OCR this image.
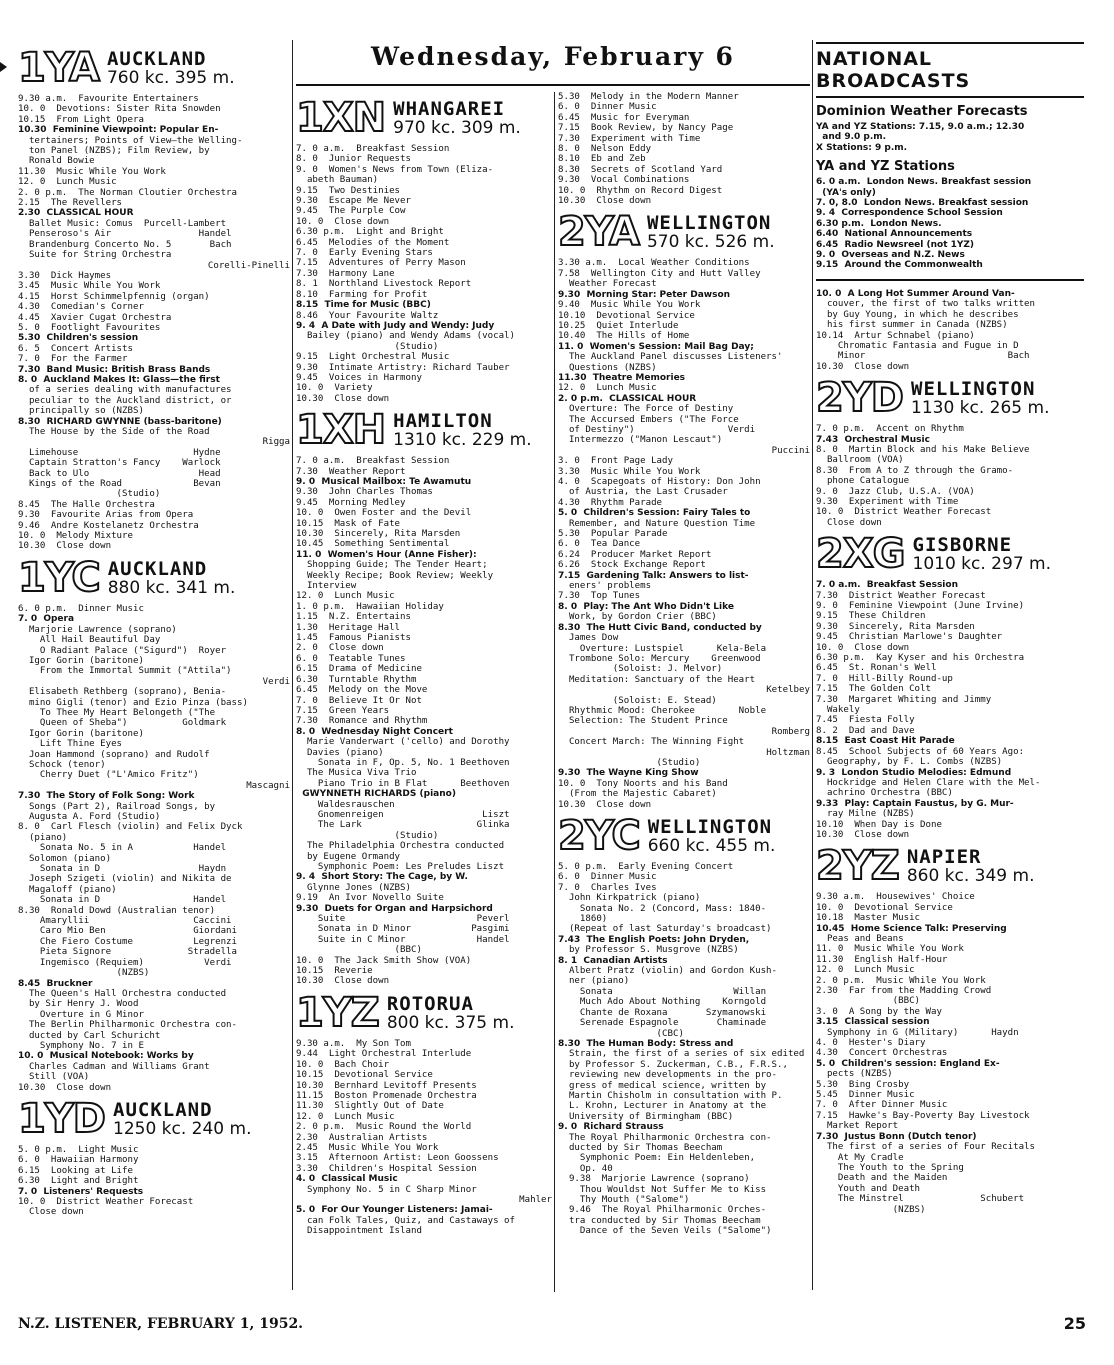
Wednesday, February 6
1YA AUCKLAND
760 kc. 395 m.
9.30 a.m.  Favourite Entertainers
10. 0  Devotions: Sister Rita Snowden
10.15  From Light Opera
10.30  Feminine Viewpoint: Popular En-
tertainers; Points of View—the Welling-
ton Panel (NZBS); Film Review, by
Ronald Bowie
11.30  Music While You Work
12. 0  Lunch Music
2. 0 p.m.  The Norman Cloutier Orchestra
2.15  The Revellers
2.30  CLASSICAL HOUR
Ballet Music: Comus  Purcell-Lambert
Penseroso's Air                Handel
Brandenburg Concerto No. 5       Bach
Suite for String Orchestra
Corelli-Pinelli
3.30  Dick Haymes
3.45  Music While You Work
4.15  Horst Schimmelpfennig (organ)
4.30  Comedian's Corner
4.45  Xavier Cugat Orchestra
5. 0  Footlight Favourites
5.30  Children's session
6. 5  Concert Artists
7. 0  For the Farmer
7.30  Band Music: British Brass Bands
8. 0  Auckland Makes It: Glass—the first
of a series dealing with manufactures
peculiar to the Auckland district, or
principally so (NZBS)
8.30  RICHARD GWYNNE (bass-baritone)
The House by the Side of the Road
Rigga
Limehouse                     Hydne
Captain Stratton's Fancy    Warlock
Back to Ulo                    Head
Kings of the Road             Bevan
(Studio)
8.45  The Halle Orchestra
9.30  Favourite Arias from Opera
9.46  Andre Kostelanetz Orchestra
10. 0  Melody Mixture
10.30  Close down
1YC AUCKLAND
880 kc. 341 m.
6. 0 p.m.  Dinner Music
7. 0  Opera
Marjorie Lawrence (soprano)
All Hail Beautiful Day
O Radiant Palace ("Sigurd")  Royer
Igor Gorin (baritone)
From the Immortal Summit ("Attila")
Verdi
Elisabeth Rethberg (soprano), Benia-
mino Gigli (tenor) and Ezio Pinza (bass)
To Thee My Heart Belongeth ("The
Queen of Sheba")          Goldmark
Igor Gorin (baritone)
Lift Thine Eyes
Joan Hammond (soprano) and Rudolf
Schock (tenor)
Cherry Duet ("L'Amico Fritz")
Mascagni
7.30  The Story of Folk Song: Work
Songs (Part 2), Railroad Songs, by
Augusta A. Ford (Studio)
8. 0  Carl Flesch (violin) and Felix Dyck
(piano)
Sonata No. 5 in A           Handel
Solomon (piano)
Sonata in D                  Haydn
Joseph Szigeti (violin) and Nikita de
Magaloff (piano)
Sonata in D                 Handel
8.30  Ronald Dowd (Australian tenor)
Amaryllii                   Caccini
Caro Mio Ben                Giordani
Che Fiero Costume           Legrenzi
Pieta Signore              Stradella
Ingemisco (Requiem)           Verdi
(NZBS)
8.45  Bruckner
The Queen's Hall Orchestra conducted
by Sir Henry J. Wood
Overture in G Minor
The Berlin Philharmonic Orchestra con-
ducted by Carl Schuricht
Symphony No. 7 in E
10. 0  Musical Notebook: Works by
Charles Cadman and Williams Grant
Still (VOA)
10.30  Close down
1YD AUCKLAND
1250 kc. 240 m.
5. 0 p.m.  Light Music
6. 0  Hawaiian Harmony
6.15  Looking at Life
6.30  Light and Bright
7. 0  Listeners' Requests
10. 0  District Weather Forecast
Close down
1XN WHANGAREI
970 kc. 309 m.
7. 0 a.m.  Breakfast Session
8. 0  Junior Requests
9. 0  Women's News from Town (Eliza-
abeth Bauman)
9.15  Two Destinies
9.30  Escape Me Never
9.45  The Purple Cow
10. 0  Close down
6.30 p.m.  Light and Bright
6.45  Melodies of the Moment
7. 0  Early Evening Stars
7.15  Adventures of Perry Mason
7.30  Harmony Lane
8. 1  Northland Livestock Report
8.10  Farming for Profit
8.15  Time for Music (BBC)
8.46  Your Favourite Waltz
9. 4  A Date with Judy and Wendy: Judy
Bailey (piano) and Wendy Adams (vocal)
(Studio)
9.15  Light Orchestral Music
9.30  Intimate Artistry: Richard Tauber
9.45  Voices in Harmony
10. 0  Variety
10.30  Close down
1XH HAMILTON
1310 kc. 229 m.
7. 0 a.m.  Breakfast Session
7.30  Weather Report
9. 0  Musical Mailbox: Te Awamutu
9.30  John Charles Thomas
9.45  Morning Medley
10. 0  Owen Foster and the Devil
10.15  Mask of Fate
10.30  Sincerely, Rita Marsden
10.45  Something Sentimental
11. 0  Women's Hour (Anne Fisher):
Shopping Guide; The Tender Heart;
Weekly Recipe; Book Review; Weekly
Interview
12. 0  Lunch Music
1. 0 p.m.  Hawaiian Holiday
1.15  N.Z. Entertains
1.30  Heritage Hall
1.45  Famous Pianists
2. 0  Close down
6. 0  Teatable Tunes
6.15  Drama of Medicine
6.30  Turntable Rhythm
6.45  Melody on the Move
7. 0  Believe It Or Not
7.15  Green Years
7.30  Romance and Rhythm
8. 0  Wednesday Night Concert
Marie Vanderwart ('cello) and Dorothy
Davies (piano)
Sonata in F, Op. 5, No. 1 Beethoven
The Musica Viva Trio
Piano Trio in B Flat      Beethoven
GWYNNETH RICHARDS (piano)
Waldesrauschen
Gnomenreigen                  Liszt
The Lark                     Glinka
(Studio)
The Philadelphia Orchestra conducted
by Eugene Ormandy
Symphonic Poem: Les Preludes Liszt
9. 4  Short Story: The Cage, by W.
Glynne Jones (NZBS)
9.19  An Ivor Novello Suite
9.30  Duets for Organ and Harpsichord
Suite                        Peverl
Sonata in D Minor           Pasgimi
Suite in C Minor             Handel
(BBC)
10. 0  The Jack Smith Show (VOA)
10.15  Reverie
10.30  Close down
1YZ ROTORUA
800 kc. 375 m.
9.30 a.m.  My Son Tom
9.44  Light Orchestral Interlude
10. 0  Bach Choir
10.15  Devotional Service
10.30  Bernhard Levitoff Presents
11.15  Boston Promenade Orchestra
11.30  Slightly Out of Date
12. 0  Lunch Music
2. 0 p.m.  Music Round the World
2.30  Australian Artists
2.45  Music While You Work
3.15  Afternoon Artist: Leon Goossens
3.30  Children's Hospital Session
4. 0  Classical Music
Symphony No. 5 in C Sharp Minor
Mahler
5. 0  For Our Younger Listeners: Jamai-
can Folk Tales, Quiz, and Castaways of
Disappointment Island
5.30  Melody in the Modern Manner
6. 0  Dinner Music
6.45  Music for Everyman
7.15  Book Review, by Nancy Page
7.30  Experiment with Time
8. 0  Nelson Eddy
8.10  Eb and Zeb
8.30  Secrets of Scotland Yard
9.30  Vocal Combinations
10. 0  Rhythm on Record Digest
10.30  Close down
2YA WELLINGTON
570 kc. 526 m.
3.30 a.m.  Local Weather Conditions
7.58  Wellington City and Hutt Valley
Weather Forecast
9.30  Morning Star: Peter Dawson
9.40  Music While You Work
10.10  Devotional Service
10.25  Quiet Interlude
10.40  The Hills of Home
11. 0  Women's Session: Mail Bag Day;
The Auckland Panel discusses Listeners'
Questions (NZBS)
11.30  Theatre Memories
12. 0  Lunch Music
2. 0 p.m.  CLASSICAL HOUR
Overture: The Force of Destiny
The Accursed Embers ("The Force
of Destiny")                 Verdi
Intermezzo ("Manon Lescaut")
Puccini
3. 0  Front Page Lady
3.30  Music While You Work
4. 0  Scapegoats of History: Don John
of Austria, the Last Crusader
4.30  Rhythm Parade
5. 0  Children's Session: Fairy Tales to
Remember, and Nature Question Time
5.30  Popular Parade
6. 0  Tea Dance
6.24  Producer Market Report
6.26  Stock Exchange Report
7.15  Gardening Talk: Answers to list-
eners' problems
7.30  Top Tunes
8. 0  Play: The Ant Who Didn't Like
Work, by Gordon Crier (BBC)
8.30  The Hutt Civic Band, conducted by
James Dow
Overture: Lustspiel      Kela-Bela
Trombone Solo: Mercury    Greenwood
(Soloist: J. Melvor)
Meditation: Sanctuary of the Heart
Ketelbey
(Soloist: E. Stead)
Rhythmic Mood: Cherokee        Noble
Selection: The Student Prince
Romberg
Concert March: The Winning Fight
Holtzman
(Studio)
9.30  The Wayne King Show
10. 0  Tony Noorts and his Band
(From the Majestic Cabaret)
10.30  Close down
2YC WELLINGTON
660 kc. 455 m.
5. 0 p.m.  Early Evening Concert
6. 0  Dinner Music
7. 0  Charles Ives
John Kirkpatrick (piano)
Sonata No. 2 (Concord, Mass: 1840-
1860)
(Repeat of last Saturday's broadcast)
7.43  The English Poets: John Dryden,
by Professor S. Musgrove (NZBS)
8. 1  Canadian Artists
Albert Pratz (violin) and Gordon Kush-
ner (piano)
Sonata                      Willan
Much Ado About Nothing    Korngold
Chante de Roxana       Szymanowski
Serenade Espagnole       Chaminade
(CBC)
8.30  The Human Body: Stress and
Strain, the first of a series of six edited
by Professor S. Zuckerman, C.B., F.R.S.,
reviewing new developments in the pro-
gress of medical science, written by
Martin Chisholm in consultation with P.
L. Krohn, Lecturer in Anatomy at the
University of Birmingham (BBC)
9. 0  Richard Strauss
The Royal Philharmonic Orchestra con-
ducted by Sir Thomas Beecham
Symphonic Poem: Ein Heldenleben,
Op. 40
9.38  Marjorie Lawrence (soprano)
Thou Wouldst Not Suffer Me to Kiss
Thy Mouth ("Salome")
9.46  The Royal Philharmonic Orches-
tra conducted by Sir Thomas Beecham
Dance of the Seven Veils ("Salome")
NATIONAL BROADCASTS
Dominion Weather Forecasts
YA and YZ Stations: 7.15, 9.0 a.m.; 12.30
and 9.0 p.m.
X Stations: 9 p.m.
YA and YZ Stations
6. 0 a.m.  London News. Breakfast session
(YA's only)
7. 0, 8.0  London News. Breakfast session
9. 4  Correspondence School Session
6.30 p.m.  London News.
6.40  National Announcements
6.45  Radio Newsreel (not 1YZ)
9. 0  Overseas and N.Z. News
9.15  Around the Commonwealth
10. 0  A Long Hot Summer Around Van-
couver, the first of two talks written
by Guy Young, in which he describes
his first summer in Canada (NZBS)
10.14  Artur Schnabel (piano)
Chromatic Fantasia and Fugue in D
Minor                          Bach
10.30  Close down
2YD WELLINGTON
1130 kc. 265 m.
7. 0 p.m.  Accent on Rhythm
7.43  Orchestral Music
8. 0  Martin Block and his Make Believe
Ballroom (VOA)
8.30  From A to Z through the Gramo-
phone Catalogue
9. 0  Jazz Club, U.S.A. (VOA)
9.30  Experiment with Time
10. 0  District Weather Forecast
Close down
2XG GISBORNE
1010 kc. 297 m.
7. 0 a.m.  Breakfast Session
7.30  District Weather Forecast
9. 0  Feminine Viewpoint (June Irvine)
9.15  These Children
9.30  Sincerely, Rita Marsden
9.45  Christian Marlowe's Daughter
10. 0  Close down
6.30 p.m.  Kay Kyser and his Orchestra
6.45  St. Ronan's Well
7. 0  Hill-Billy Round-up
7.15  The Golden Colt
7.30  Margaret Whiting and Jimmy
Wakely
7.45  Fiesta Folly
8. 2  Dad and Dave
8.15  East Coast Hit Parade
8.45  School Subjects of 60 Years Ago:
Geography, by F. L. Combs (NZBS)
9. 3  London Studio Melodies: Edmund
Hockridge and Helen Clare with the Mel-
achrino Orchestra (BBC)
9.33  Play: Captain Faustus, by G. Mur-
ray Milne (NZBS)
10.10  When Day is Done
10.30  Close down
2YZ NAPIER
860 kc. 349 m.
9.30 a.m.  Housewives' Choice
10. 0  Devotional Service
10.18  Master Music
10.45  Home Science Talk: Preserving
Peas and Beans
11. 0  Music While You Work
11.30  English Half-Hour
12. 0  Lunch Music
2. 0 p.m.  Music While You Work
2.30  Far from the Madding Crowd
(BBC)
3. 0  A Song by the Way
3.15  Classical session
Symphony in G (Military)      Haydn
4. 0  Hester's Diary
4.30  Concert Orchestras
5. 0  Children's session: England Ex-
pects (NZBS)
5.30  Bing Crosby
5.45  Dinner Music
7. 0  After Dinner Music
7.15  Hawke's Bay-Poverty Bay Livestock
Market Report
7.30  Justus Bonn (Dutch tenor)
The first of a series of Four Recitals
At My Cradle
The Youth to the Spring
Death and the Maiden
Youth and Death
The Minstrel              Schubert
(NZBS)
N.Z. LISTENER, FEBRUARY 1, 1952.	25
